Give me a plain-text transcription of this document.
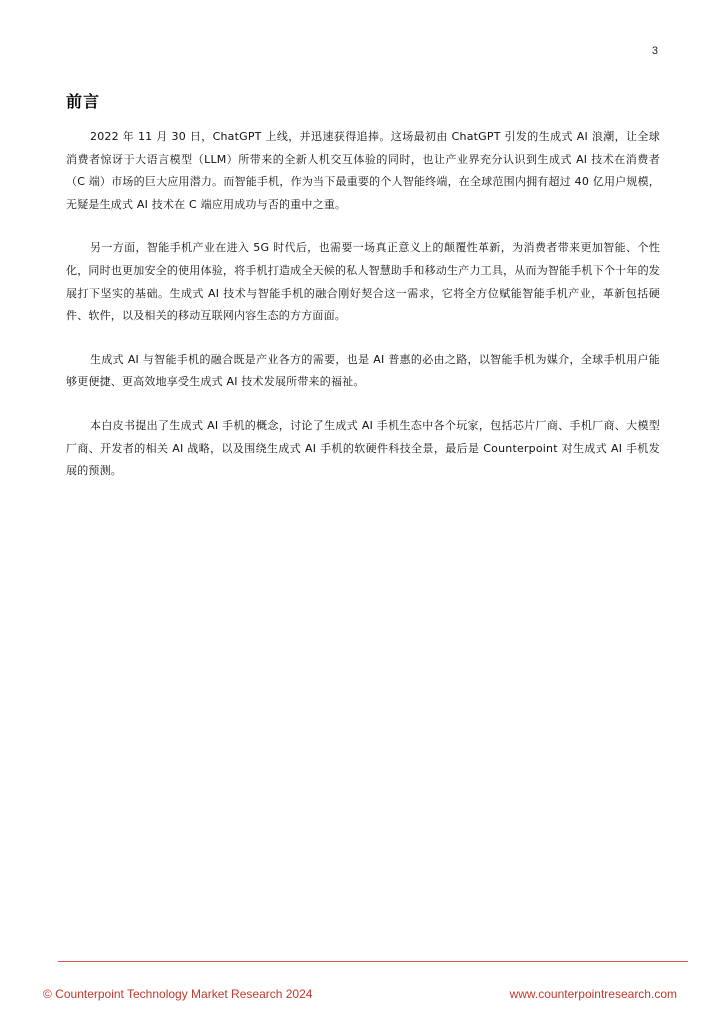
3
前言

2022 年 11 月 30 日，ChatGPT 上线，并迅速获得追捧。这场最初由 ChatGPT 引发的生成式 AI 浪潮，让全球消费者惊讶于大语言模型（LLM）所带来的全新人机交互体验的同时，也让产业界充分认识到生成式 AI 技术在消费者（C 端）市场的巨大应用潜力。而智能手机，作为当下最重要的个人智能终端，在全球范围内拥有超过 40 亿用户规模，无疑是生成式 AI 技术在 C 端应用成功与否的重中之重。

另一方面，智能手机产业在进入 5G 时代后，也需要一场真正意义上的颠覆性革新，为消费者带来更加智能、个性化，同时也更加安全的使用体验，将手机打造成全天候的私人智慧助手和移动生产力工具，从而为智能手机下个十年的发展打下坚实的基础。生成式 AI 技术与智能手机的融合刚好契合这一需求，它将全方位赋能智能手机产业，革新包括硬件、软件，以及相关的移动互联网内容生态的方方面面。

生成式 AI 与智能手机的融合既是产业各方的需要，也是 AI 普惠的必由之路，以智能手机为媒介，全球手机用户能够更便捷、更高效地享受生成式 AI 技术发展所带来的福祉。

本白皮书提出了生成式 AI 手机的概念，讨论了生成式 AI 手机生态中各个玩家，包括芯片厂商、手机厂商、大模型厂商、开发者的相关 AI 战略，以及围绕生成式 AI 手机的软硬件科技全景，最后是 Counterpoint 对生成式 AI 手机发展的预测。

© Counterpoint Technology Market Research 2024	www.counterpointresearch.com
